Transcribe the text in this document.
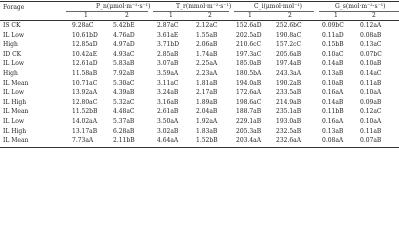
Forage	P_n(μmol·m⁻²·s⁻¹)	T_r(mmol·m⁻²·s⁻¹)	C_i(μmol·mol⁻¹)	G_s(mol·m⁻²·s⁻¹)
1	2	1	2	1	2	1	2
IS CK	9.28aC	5.42bE	2.87aC	2.12aC	152.6aD 252.6bC	0.09bC	0.12aA
IL Low	10.61bD	4.76aD	3.61aE	1.55aB	202.5aD 190.8aC	0.11aD	0.08aB
High	12.85aD	4.97aD	3.71bD	2.06aB	210.6cC 157.2cC	0.15bB	0.13aC
ID CK	10.42aE	4.93aC	2.85aB	1.74aB	197.3aC 205.6aB	0.10aC	0.07bC
IL Low	12.61aD	5.83aB	3.07aB	2.25aA	185.0aB 197.4aB	0.14aB	0.10aB
High	11.58aB	7.92aB	3.59aA	2.23aA	180.5bA 243.3aA	0.13aB	0.14aC
IL Mean	10.71aC	5.30aC	3.11aC	1.81aB	194.0aB 190.2aB	0.10aB	0.11aB
IL Low	13.92aA	4.39aB	3.24aB	2.17aB	172.6aA 233.5aB	0.16aA	0.10aA
IL High	12.80aC	5.32aC	3.16aB	1.89aB	198.6aC 214.9aB	0.14aB	0.09aB
IL Mean	11.52bB	4.48aC	2.61aB	2.04aB	188.7aB 235.1aB	0.11bB	0.12aC
IL Low	14.02aA	5.37aB	3.50aA	1.92aA	229.1aB 193.0aB	0.16aA	0.10aA
IL High	13.17aB	6.28aB	3.02aB	1.83aB	205.3aB 232.5aB	0.13aB	0.11aB
IL Mean	7.73aA	2.11bB	4.64aA	1.52bB	203.4aA 232.6aA	0.08aA	0.07aB
